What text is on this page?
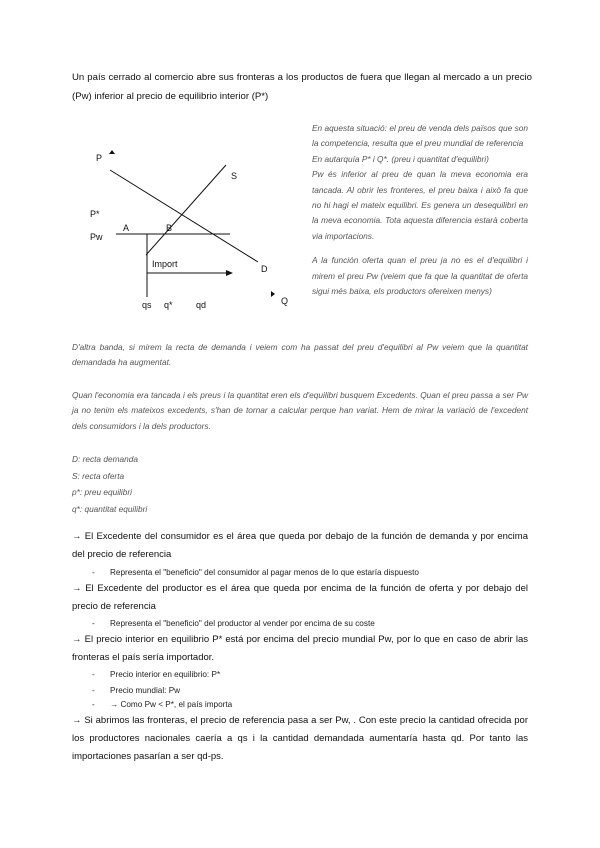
Un país cerrado al comercio abre sus fronteras a los productos de fuera que llegan al mercado a un precio (Pw) inferior al precio de equilibrio interior (P*)

P
Q
S
D
P*
Pw
A	B
Import
qs q*	qd

En aquesta situació: el preu de venda dels països que son la competencia, resulta que el preu mundial de referencia

En autarquía P* i Q*. (preu i quantitat d'equilibri)

Pw és inferior al preu de quan la meva economia era tancada. Al obrir les fronteres, el preu baixa i això fa que no hi hagi el mateix equilibri. Es genera un desequilibri en la meva economia. Tota aquesta diferencia estarà coberta via importacions.

A la función oferta quan el preu ja no es el d'equilibri i mirem el preu Pw (veiem que fa que la quantitat de oferta sigui més baixa, els productors ofereixen menys)

D'altra banda, si mirem la recta de demanda i veiem com ha passat del preu d'equilibri al Pw veiem que la quantitat demandada ha augmentat.

Quan l'economia era tancada i els preus i la quantitat eren els d'equilibri busquem Excedents. Quan el preu passa a ser Pw ja no tenim els mateixos excedents, s'han de tornar a calcular perque han variat. Hem de mirar la variació de l'excedent dels consumidors i la dels productors.

D: recta demanda
S: recta oferta
p*: preu equilibri
q*: quantitat equilibri

→ El Excedente del consumidor es el área que queda por debajo de la función de demanda y por encima del precio de referencia

- Representa el "beneficio" del consumidor al pagar menos de lo que estaría dispuesto

→ El Excedente del productor es el área que queda por encima de la función de oferta y por debajo del precio de referencia

- Representa el "beneficio" del productor al vender por encima de su coste

→ El precio interior en equilibrio P* está por encima del precio mundial Pw, por lo que en caso de abrir las fronteras el país sería importador.

- Precio interior en equilibrio: P*

- Precio mundial: Pw

- → Como Pw < P*, el país importa

→ Si abrimos las fronteras, el precio de referencia pasa a ser Pw, . Con este precio la cantidad ofrecida por los productores nacionales caería a qs i la cantidad demandada aumentaría hasta qd. Por tanto las importaciones pasarían a ser qd-ps.
